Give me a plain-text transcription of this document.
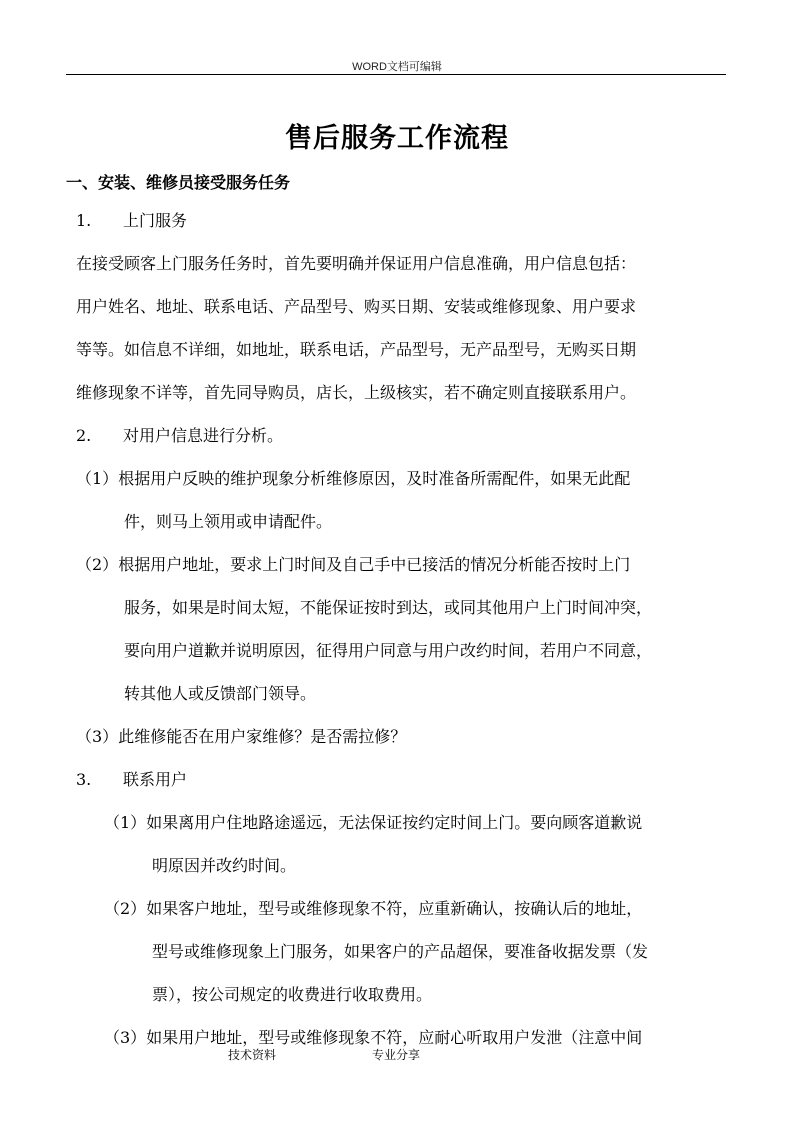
WORD文档可编辑
售后服务工作流程
一、安装、维修员接受服务任务
1. 上门服务
在接受顾客上门服务任务时，首先要明确并保证用户信息准确，用户信息包括：
用户姓名、地址、联系电话、产品型号、购买日期、安装或维修现象、用户要求
等等。如信息不详细，如地址，联系电话，产品型号，无产品型号，无购买日期
维修现象不详等，首先同导购员，店长，上级核实，若不确定则直接联系用户。
2. 对用户信息进行分析。
（1）根据用户反映的维护现象分析维修原因，及时准备所需配件，如果无此配
件，则马上领用或申请配件。
（2）根据用户地址，要求上门时间及自己手中已接活的情况分析能否按时上门
服务，如果是时间太短，不能保证按时到达，或同其他用户上门时间冲突，
要向用户道歉并说明原因，征得用户同意与用户改约时间，若用户不同意，
转其他人或反馈部门领导。
（3）此维修能否在用户家维修？是否需拉修？
3. 联系用户
（1）如果离用户住地路途遥远，无法保证按约定时间上门。要向顾客道歉说
明原因并改约时间。
（2）如果客户地址，型号或维修现象不符，应重新确认，按确认后的地址，
型号或维修现象上门服务，如果客户的产品超保，要准备收据发票（发
票），按公司规定的收费进行收取费用。
（3）如果用户地址，型号或维修现象不符，应耐心听取用户发泄（注意中间
技术资料	专业分享
